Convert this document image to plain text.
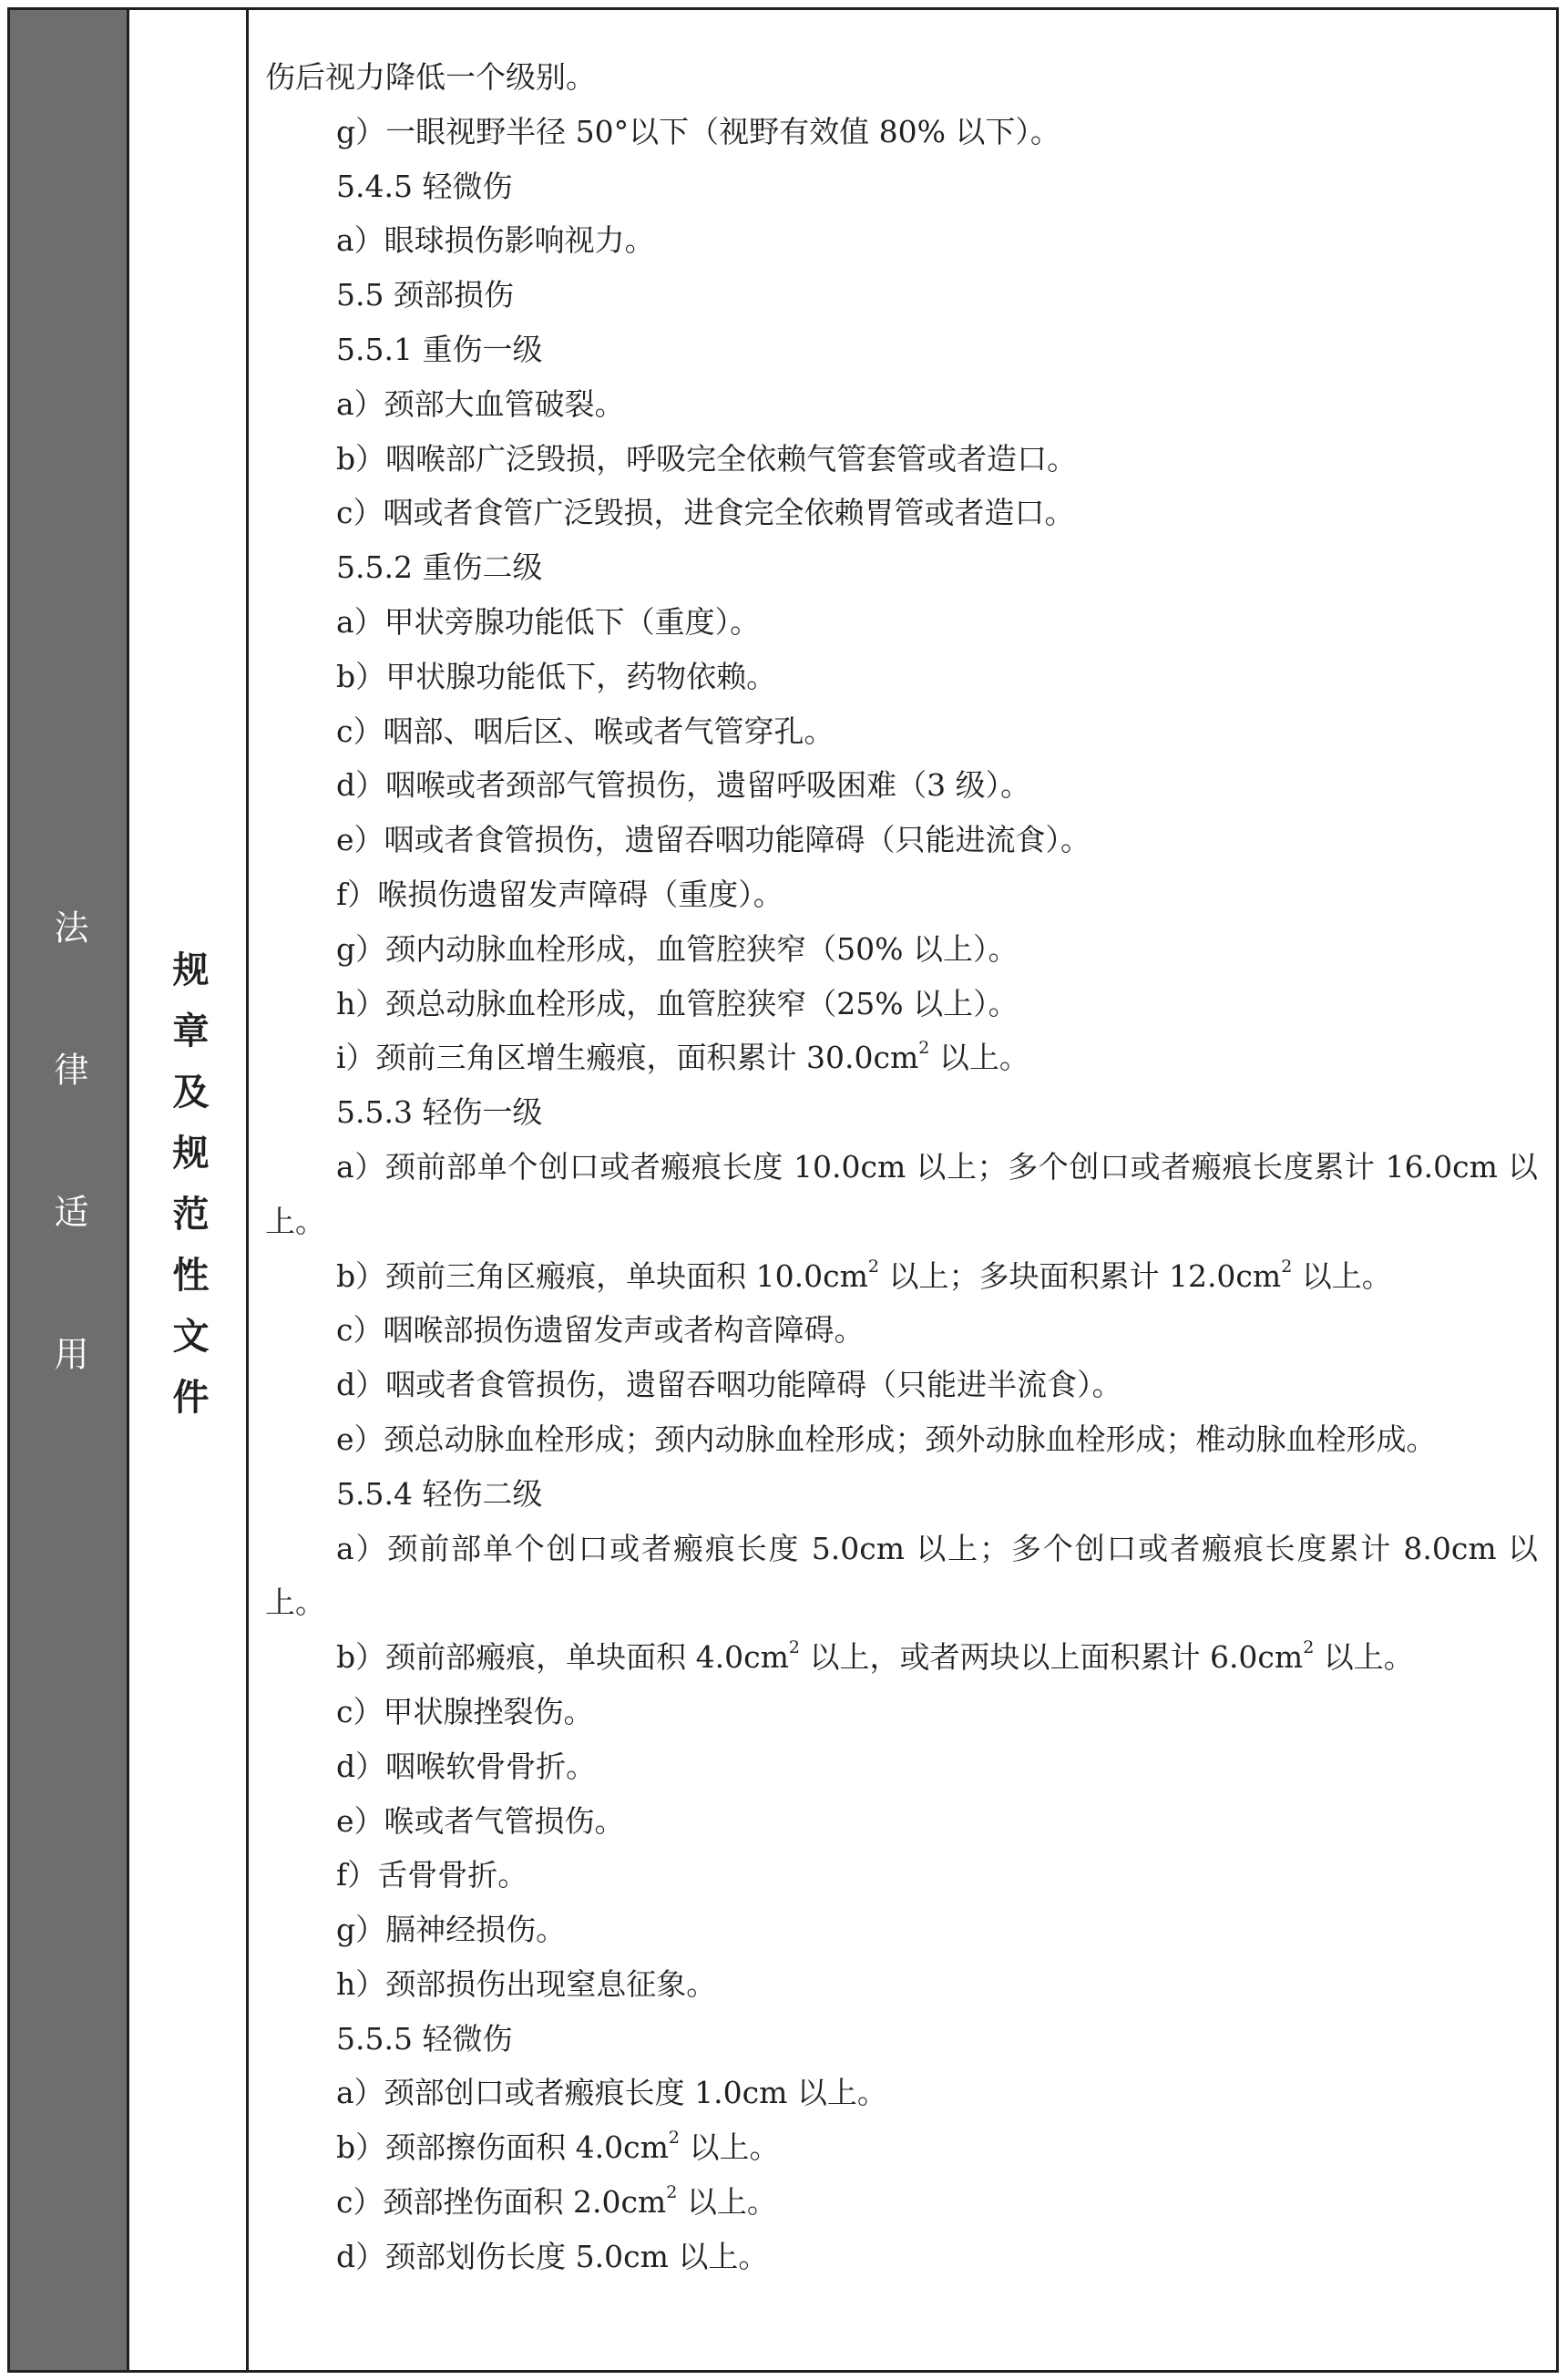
法律适用 规章及规范性文件
伤后视力降低一个级别。
g）一眼视野半径 50°以下（视野有效值 80% 以下）。
5.4.5 轻微伤
a）眼球损伤影响视力。
5.5 颈部损伤
5.5.1 重伤一级
a）颈部大血管破裂。
b）咽喉部广泛毁损，呼吸完全依赖气管套管或者造口。
c）咽或者食管广泛毁损，进食完全依赖胃管或者造口。
5.5.2 重伤二级
a）甲状旁腺功能低下（重度）。
b）甲状腺功能低下，药物依赖。
c）咽部、咽后区、喉或者气管穿孔。
d）咽喉或者颈部气管损伤，遗留呼吸困难（3 级）。
e）咽或者食管损伤，遗留吞咽功能障碍（只能进流食）。
f）喉损伤遗留发声障碍（重度）。
g）颈内动脉血栓形成，血管腔狭窄（50% 以上）。
h）颈总动脉血栓形成，血管腔狭窄（25% 以上）。
i）颈前三角区增生瘢痕，面积累计 $30.0cm^2$ 以上。
5.5.3 轻伤一级
a）颈前部单个创口或者瘢痕长度 10.0cm 以上；多个创口或者瘢痕长度累计 16.0cm 以上。
b）颈前三角区瘢痕，单块面积 $10.0cm^2$ 以上；多块面积累计 $12.0cm^2$ 以上。
c）咽喉部损伤遗留发声或者构音障碍。
d）咽或者食管损伤，遗留吞咽功能障碍（只能进半流食）。
e）颈总动脉血栓形成；颈内动脉血栓形成；颈外动脉血栓形成；椎动脉血栓形成。
5.5.4 轻伤二级
a）颈前部单个创口或者瘢痕长度 5.0cm 以上；多个创口或者瘢痕长度累计 8.0cm 以上。
b）颈前部瘢痕，单块面积 $4.0cm^2$ 以上，或者两块以上面积累计 $6.0cm^2$ 以上。
c）甲状腺挫裂伤。
d）咽喉软骨骨折。
e）喉或者气管损伤。
f）舌骨骨折。
g）膈神经损伤。
h）颈部损伤出现窒息征象。
5.5.5 轻微伤
a）颈部创口或者瘢痕长度 1.0cm 以上。
b）颈部擦伤面积 $4.0cm^2$ 以上。
c）颈部挫伤面积 $2.0cm^2$ 以上。
d）颈部划伤长度 5.0cm 以上。
